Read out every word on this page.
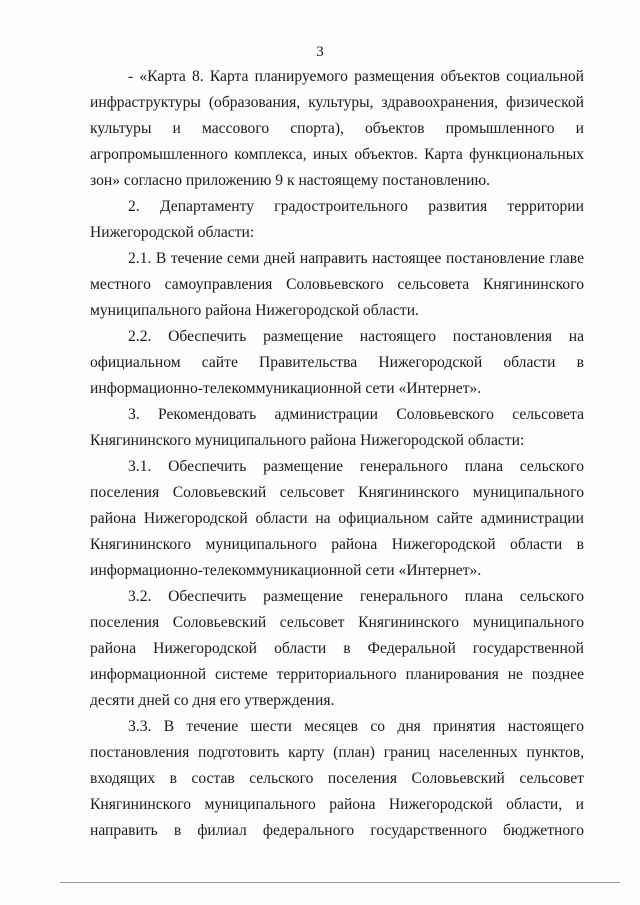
3
- «Карта 8. Карта планируемого размещения объектов социальной
инфраструктуры (образования, культуры, здравоохранения, физической
культуры и массового спорта), объектов промышленного и
агропромышленного комплекса, иных объектов. Карта функциональных
зон» согласно приложению 9 к настоящему постановлению.
2. Департаменту градостроительного развития территории
Нижегородской области:
2.1. В течение семи дней направить настоящее постановление главе
местного самоуправления Соловьевского сельсовета Княгининского
муниципального района Нижегородской области.
2.2. Обеспечить размещение настоящего постановления на
официальном сайте Правительства Нижегородской области в
информационно-телекоммуникационной сети «Интернет».
3. Рекомендовать администрации Соловьевского сельсовета
Княгининского муниципального района Нижегородской области:
3.1. Обеспечить размещение генерального плана сельского
поселения Соловьевский сельсовет Княгининского муниципального
района Нижегородской области на официальном сайте администрации
Княгининского муниципального района Нижегородской области в
информационно-телекоммуникационной сети «Интернет».
3.2. Обеспечить размещение генерального плана сельского
поселения Соловьевский сельсовет Княгининского муниципального
района Нижегородской области в Федеральной государственной
информационной системе территориального планирования не позднее
десяти дней со дня его утверждения.
3.3. В течение шести месяцев со дня принятия настоящего
постановления подготовить карту (план) границ населенных пунктов,
входящих в состав сельского поселения Соловьевский сельсовет
Княгининского муниципального района Нижегородской области, и
направить в филиал федерального государственного бюджетного
